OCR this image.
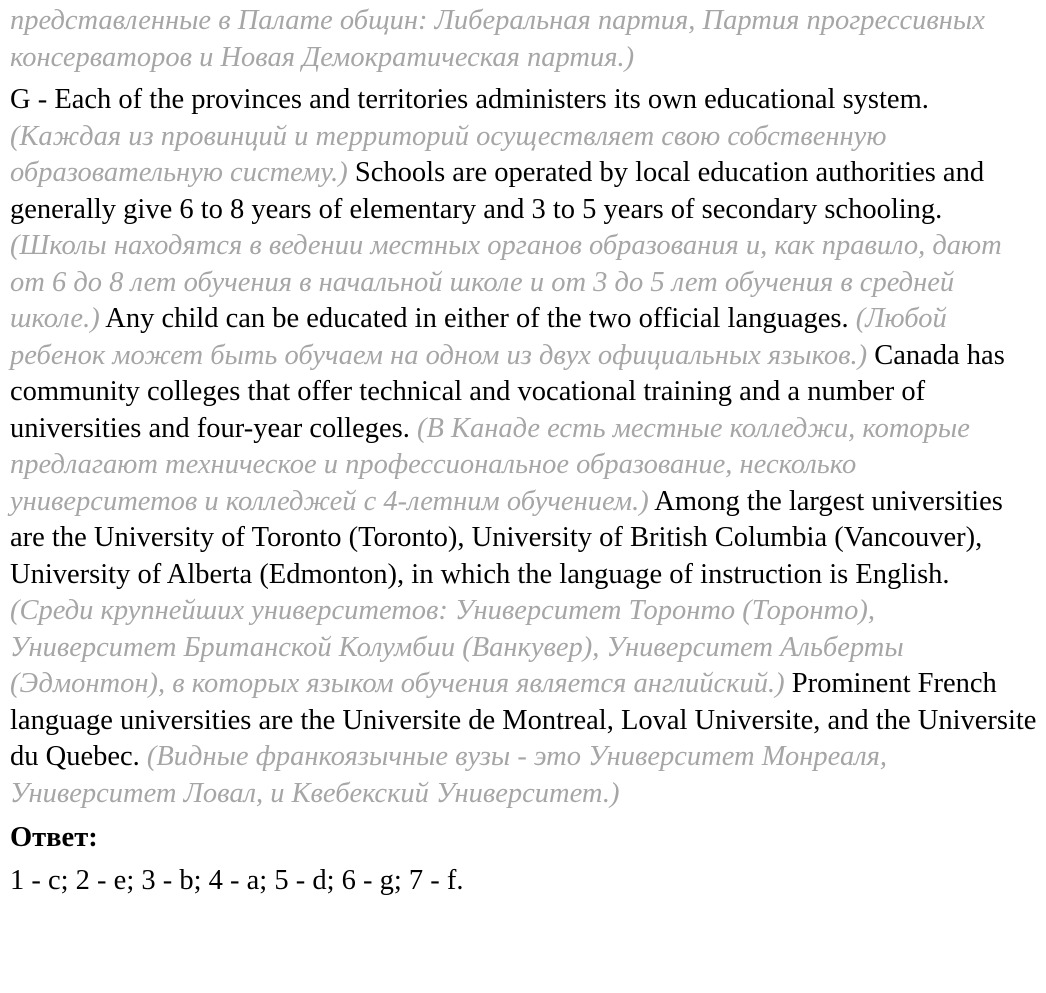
представленные в Палате общин: Либеральная партия, Партия прогрессивных консерваторов и Новая Демократическая партия.)

G - Each of the provinces and territories administers its own educational system. (Каждая из провинций и территорий осуществляет свою собственную образовательную систему.) Schools are operated by local education authorities and generally give 6 to 8 years of elementary and 3 to 5 years of secondary schooling. (Школы находятся в ведении местных органов образования и, как правило, дают от 6 до 8 лет обучения в начальной школе и от 3 до 5 лет обучения в средней школе.) Any child can be educated in either of the two official languages. (Любой ребенок может быть обучаем на одном из двух официальных языков.) Canada has community colleges that offer technical and vocational training and a number of universities and four-year colleges. (В Канаде есть местные колледжи, которые предлагают техническое и профессиональное образование, несколько университетов и колледжей с 4-летним обучением.) Among the largest universities are the University of Toronto (Toronto), University of British Columbia (Vancouver), University of Alberta (Edmonton), in which the language of instruction is English. (Среди крупнейших университетов: Университет Торонто (Торонто), Университет Британской Колумбии (Ванкувер), Университет Альберты (Эдмонтон), в которых языком обучения является английский.) Prominent French language universities are the Universite de Montreal, Loval Universite, and the Universite du Quebec. (Видные франкоязычные вузы - это Университет Монреаля, Университет Ловал, и Квебекский Университет.)

Ответ:

1 - c; 2 - e; 3 - b; 4 - a; 5 - d; 6 - g; 7 - f.
